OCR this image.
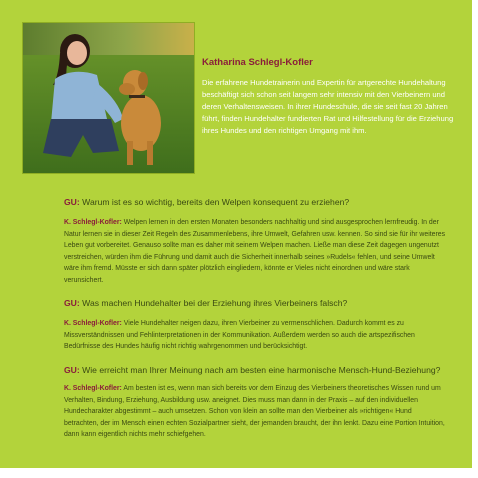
Katharina Schlegl-Kofler

Die erfahrene Hundetrainerin und Expertin für artgerechte Hundehaltung beschäftigt sich schon seit langem sehr intensiv mit den Vierbeinern und deren Verhaltensweisen. In ihrer Hundeschule, die sie seit fast 20 Jahren führt, finden Hundehalter fundierten Rat und Hilfestellung für die Erziehung ihres Hundes und den richtigen Umgang mit ihm.

GU: Warum ist es so wichtig, bereits den Welpen konsequent zu erziehen?

K. Schlegl-Kofler: Welpen lernen in den ersten Monaten besonders nachhaltig und sind ausgesprochen lernfreudig. In der Natur lernen sie in dieser Zeit Regeln des Zusammenlebens, ihre Umwelt, Gefahren usw. kennen. So sind sie für ihr weiteres Leben gut vorbereitet. Genauso sollte man es daher mit seinem Welpen machen. Ließe man diese Zeit dagegen ungenutzt verstreichen, würden ihm die Führung und damit auch die Sicherheit innerhalb seines »Rudels« fehlen, und seine Umwelt wäre ihm fremd. Müsste er sich dann später plötzlich eingliedern, könnte er Vieles nicht einordnen und wäre stark verunsichert.

GU: Was machen Hundehalter bei der Erziehung ihres Vierbeiners falsch?

K. Schlegl-Kofler: Viele Hundehalter neigen dazu, ihren Vierbeiner zu vermenschlichen. Dadurch kommt es zu Missverständnissen und Fehlinterpretationen in der Kommunikation. Außerdem werden so auch die artspezifischen Bedürfnisse des Hundes häufig nicht richtig wahrgenommen und berücksichtigt.

GU: Wie erreicht man Ihrer Meinung nach am besten eine harmonische Mensch-Hund-Beziehung?

K. Schlegl-Kofler: Am besten ist es, wenn man sich bereits vor dem Einzug des Vierbeiners theoretisches Wissen rund um Verhalten, Bindung, Erziehung, Ausbildung usw. aneignet. Dies muss man dann in der Praxis – auf den individuellen Hundecharakter abgestimmt – auch umsetzen. Schon von klein an sollte man den Vierbeiner als »richtigen« Hund betrachten, der im Mensch einen echten Sozialpartner sieht, der jemanden braucht, der ihn lenkt. Dazu eine Portion Intuition, dann kann eigentlich nichts mehr schiefgehen.
